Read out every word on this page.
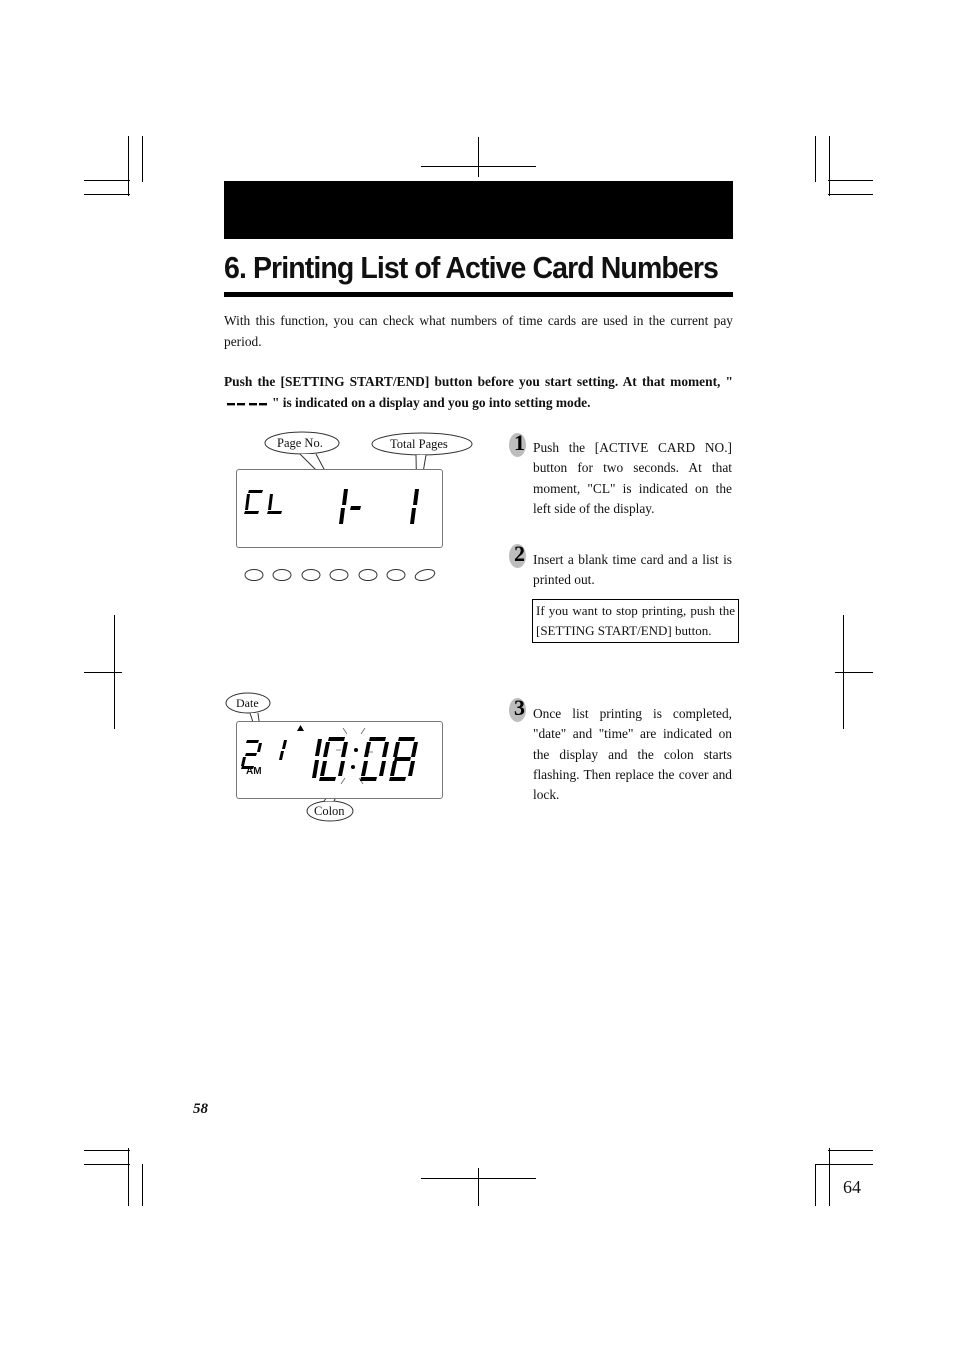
6. Printing List of Active Card Numbers
With this function, you can check what numbers of time cards are used in the current pay period.
Push the [SETTING START/END] button before you start setting. At that moment, "" is indicated on a display and you go into setting mode.
Page No.	Total Pages
Date
Colon
AM
1 Push the [ACTIVE CARD NO.] button for two seconds. At that moment, "CL" is indicated on the left side of the display.
2 Insert a blank time card and a list is printed out.
If you want to stop printing, push the [SETTING START/END] button.
3 Once list printing is completed, "date" and "time" are indicated on the display and the colon starts flashing. Then replace the cover and lock.
58
64
